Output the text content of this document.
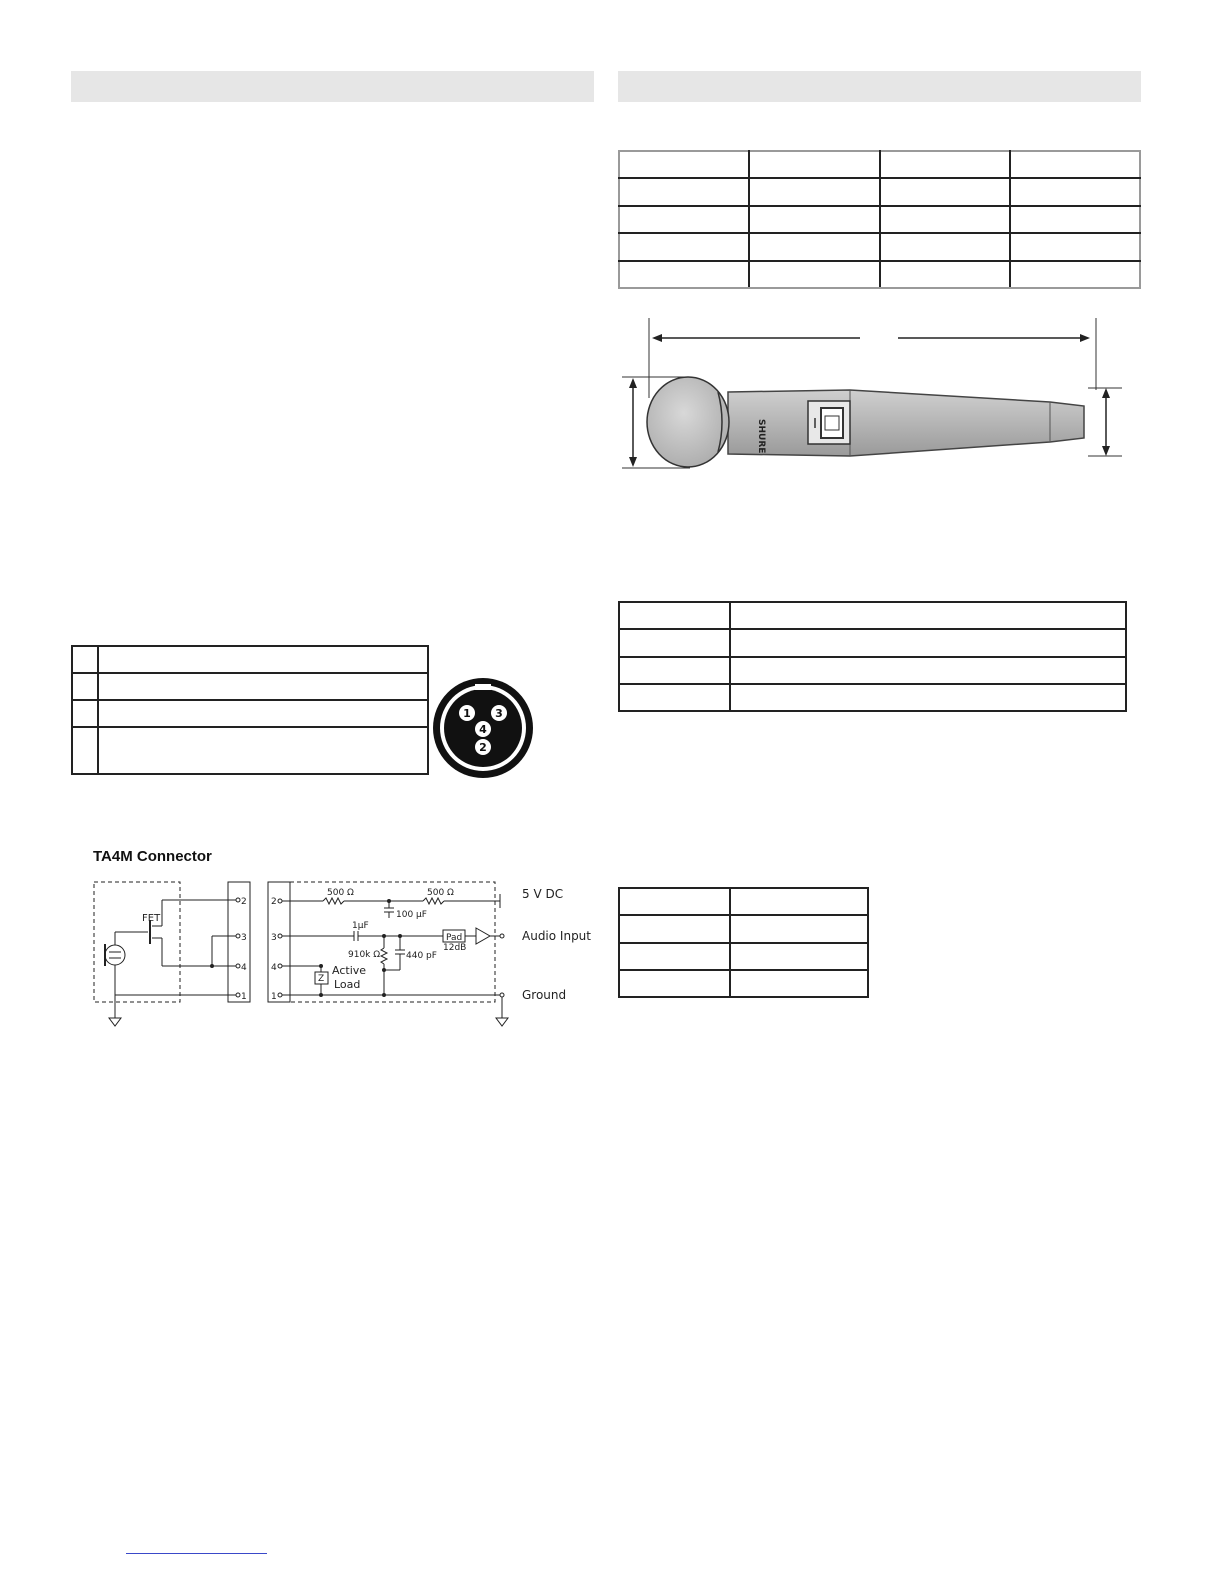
SHURE

1 3
4
2
TA4M Connector
2
3
4
1
2
3
4
1
FET
500 Ω	500 Ω
100 µF
1µF
910k Ω	440 pF
Pad
12dB
Z
Active
Load
5 V DC
Audio Input
Ground
